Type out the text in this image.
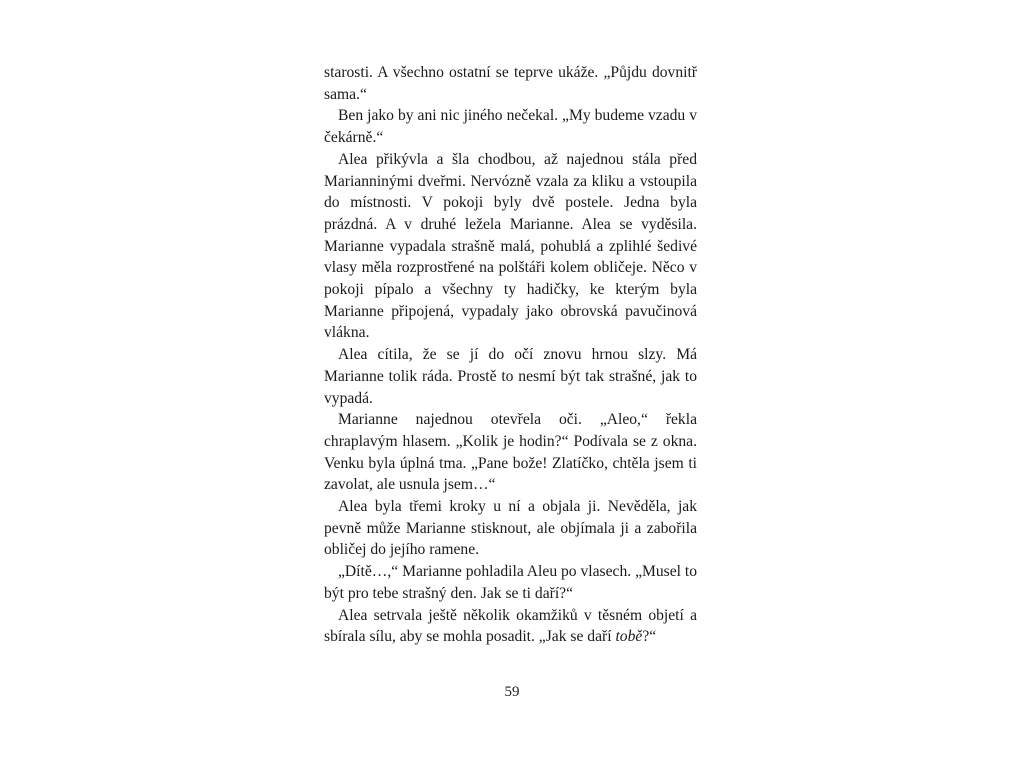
starosti. A všechno ostatní se teprve ukáže. „Půjdu dovnitř sama.“

Ben jako by ani nic jiného nečekal. „My budeme vzadu v čekárně.“

Alea přikývla a šla chodbou, až najednou stála před Marianninými dveřmi. Nervózně vzala za kliku a vstoupila do místnosti. V pokoji byly dvě postele. Jedna byla prázdná. A v druhé ležela Marianne. Alea se vyděsila. Marianne vypadala strašně malá, pohublá a zplihlé šedivé vlasy měla rozprostřené na polštáři kolem obličeje. Něco v pokoji pípalo a všechny ty hadičky, ke kterým byla Marianne připojená, vypadaly jako obrovská pavučinová vlákna.

Alea cítila, že se jí do očí znovu hrnou slzy. Má Marianne tolik ráda. Prostě to nesmí být tak strašné, jak to vypadá.

Marianne najednou otevřela oči. „Aleo,“ řekla chraplavým hlasem. „Kolik je hodin?“ Podívala se z okna. Venku byla úplná tma. „Pane bože! Zlatíčko, chtěla jsem ti zavolat, ale usnula jsem…“

Alea byla třemi kroky u ní a objala ji. Nevěděla, jak pevně může Marianne stisknout, ale objímala ji a zabořila obličej do jejího ramene.

„Dítě…,“ Marianne pohladila Aleu po vlasech. „Musel to být pro tebe strašný den. Jak se ti daří?“

Alea setrvala ještě několik okamžiků v těsném objetí a sbírala sílu, aby se mohla posadit. „Jak se daří tobě?“

59
